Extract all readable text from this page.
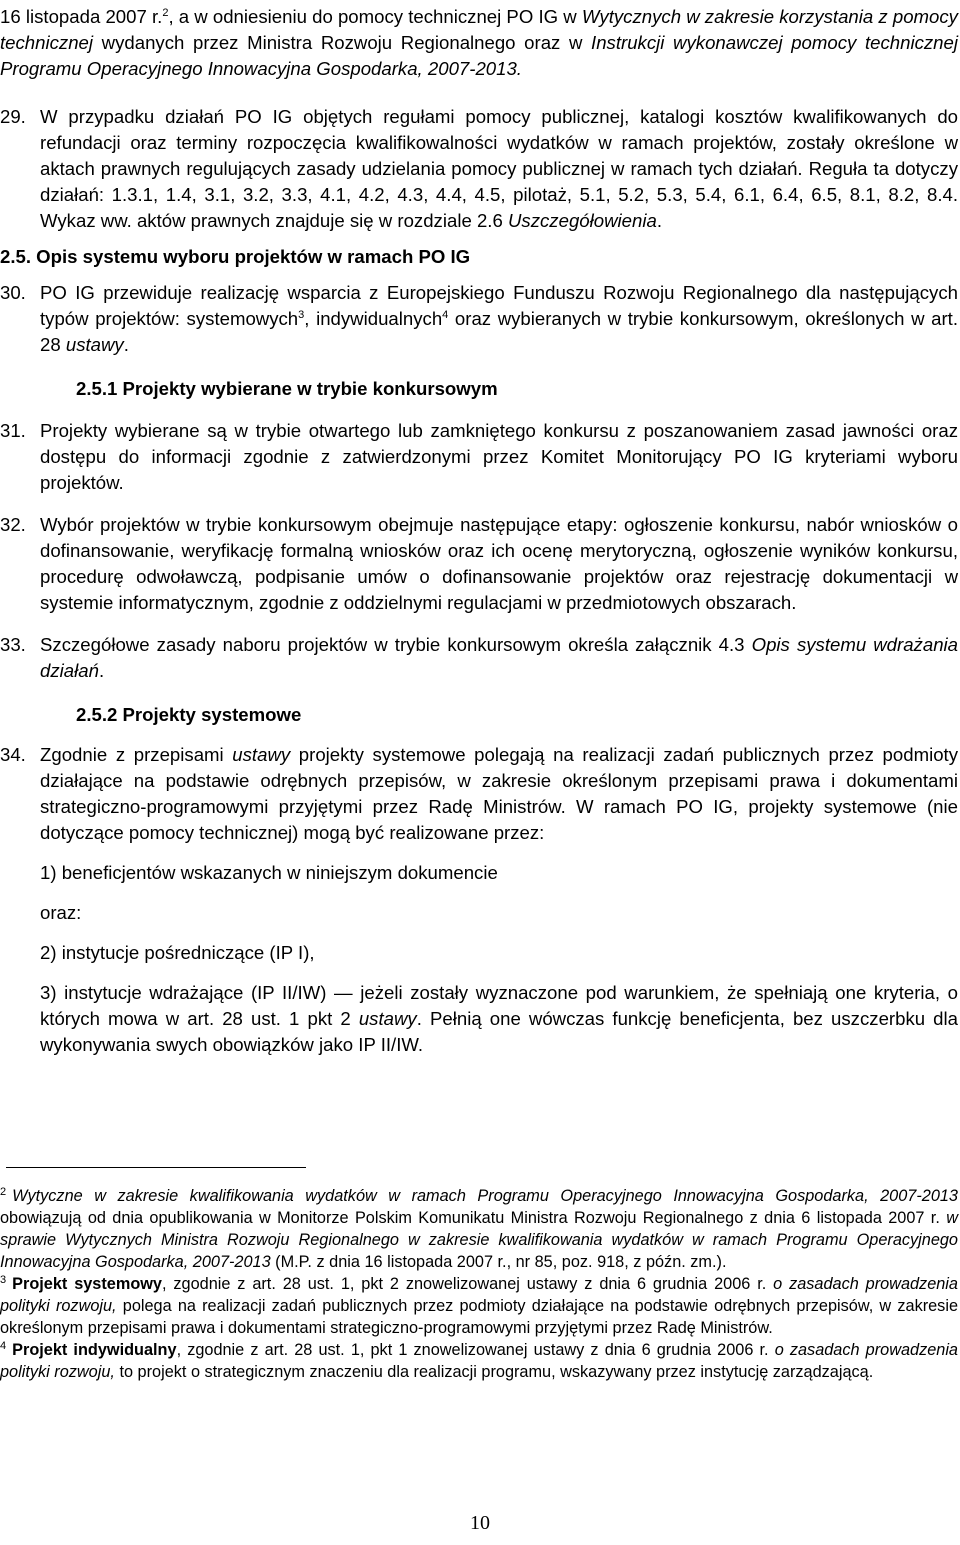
16 listopada 2007 r.$^2$, a w odniesieniu do pomocy technicznej PO IG w Wytycznych w zakresie korzystania z pomocy technicznej wydanych przez Ministra Rozwoju Regionalnego oraz w Instrukcji wykonawczej pomocy technicznej Programu Operacyjnego Innowacyjna Gospodarka, 2007-2013.

29. W przypadku działań PO IG objętych regułami pomocy publicznej, katalogi kosztów kwalifikowanych do refundacji oraz terminy rozpoczęcia kwalifikowalności wydatków w ramach projektów, zostały określone w aktach prawnych regulujących zasady udzielania pomocy publicznej w ramach tych działań. Reguła ta dotyczy działań: 1.3.1, 1.4, 3.1, 3.2, 3.3, 4.1, 4.2, 4.3, 4.4, 4.5, pilotaż, 5.1, 5.2, 5.3, 5.4, 6.1, 6.4, 6.5, 8.1, 8.2, 8.4. Wykaz ww. aktów prawnych znajduje się w rozdziale 2.6 Uszczegółowienia.

2.5. Opis systemu wyboru projektów w ramach PO IG

30. PO IG przewiduje realizację wsparcia z Europejskiego Funduszu Rozwoju Regionalnego dla następujących typów projektów: systemowych$^3$, indywidualnych$^4$ oraz wybieranych w trybie konkursowym, określonych w art. 28 ustawy.

2.5.1 Projekty wybierane w trybie konkursowym

31. Projekty wybierane są w trybie otwartego lub zamkniętego konkursu z poszanowaniem zasad jawności oraz dostępu do informacji zgodnie z zatwierdzonymi przez Komitet Monitorujący PO IG kryteriami wyboru projektów.

32. Wybór projektów w trybie konkursowym obejmuje następujące etapy: ogłoszenie konkursu, nabór wniosków o dofinansowanie, weryfikację formalną wniosków oraz ich ocenę merytoryczną, ogłoszenie wyników konkursu, procedurę odwoławczą, podpisanie umów o dofinansowanie projektów oraz rejestrację dokumentacji w systemie informatycznym, zgodnie z oddzielnymi regulacjami w przedmiotowych obszarach.

33. Szczegółowe zasady naboru projektów w trybie konkursowym określa załącznik 4.3 Opis systemu wdrażania działań.

2.5.2 Projekty systemowe

34. Zgodnie z przepisami ustawy projekty systemowe polegają na realizacji zadań publicznych przez podmioty działające na podstawie odrębnych przepisów, w zakresie określonym przepisami prawa i dokumentami strategiczno-programowymi przyjętymi przez Radę Ministrów. W ramach PO IG, projekty systemowe (nie dotyczące pomocy technicznej) mogą być realizowane przez:

1) beneficjentów wskazanych w niniejszym dokumencie

oraz:

2) instytucje pośredniczące (IP I),

3) instytucje wdrażające (IP II/IW) — jeżeli zostały wyznaczone pod warunkiem, że spełniają one kryteria, o których mowa w art. 28 ust. 1 pkt 2 ustawy. Pełnią one wówczas funkcję beneficjenta, bez uszczerbku dla wykonywania swych obowiązków jako IP II/IW.

$^2$ Wytyczne w zakresie kwalifikowania wydatków w ramach Programu Operacyjnego Innowacyjna Gospodarka, 2007-2013 obowiązują od dnia opublikowania w Monitorze Polskim Komunikatu Ministra Rozwoju Regionalnego z dnia 6 listopada 2007 r. w sprawie Wytycznych Ministra Rozwoju Regionalnego w zakresie kwalifikowania wydatków w ramach Programu Operacyjnego Innowacyjna Gospodarka, 2007-2013 (M.P. z dnia 16 listopada 2007 r., nr 85, poz. 918, z późn. zm.).

$^3$ Projekt systemowy, zgodnie z art. 28 ust. 1, pkt 2 znowelizowanej ustawy z dnia 6 grudnia 2006 r. o zasadach prowadzenia polityki rozwoju, polega na realizacji zadań publicznych przez podmioty działające na podstawie odrębnych przepisów, w zakresie określonym przepisami prawa i dokumentami strategiczno-programowymi przyjętymi przez Radę Ministrów.

$^4$ Projekt indywidualny, zgodnie z art. 28 ust. 1, pkt 1 znowelizowanej ustawy z dnia 6 grudnia 2006 r. o zasadach prowadzenia polityki rozwoju, to projekt o strategicznym znaczeniu dla realizacji programu, wskazywany przez instytucję zarządzającą.

10
